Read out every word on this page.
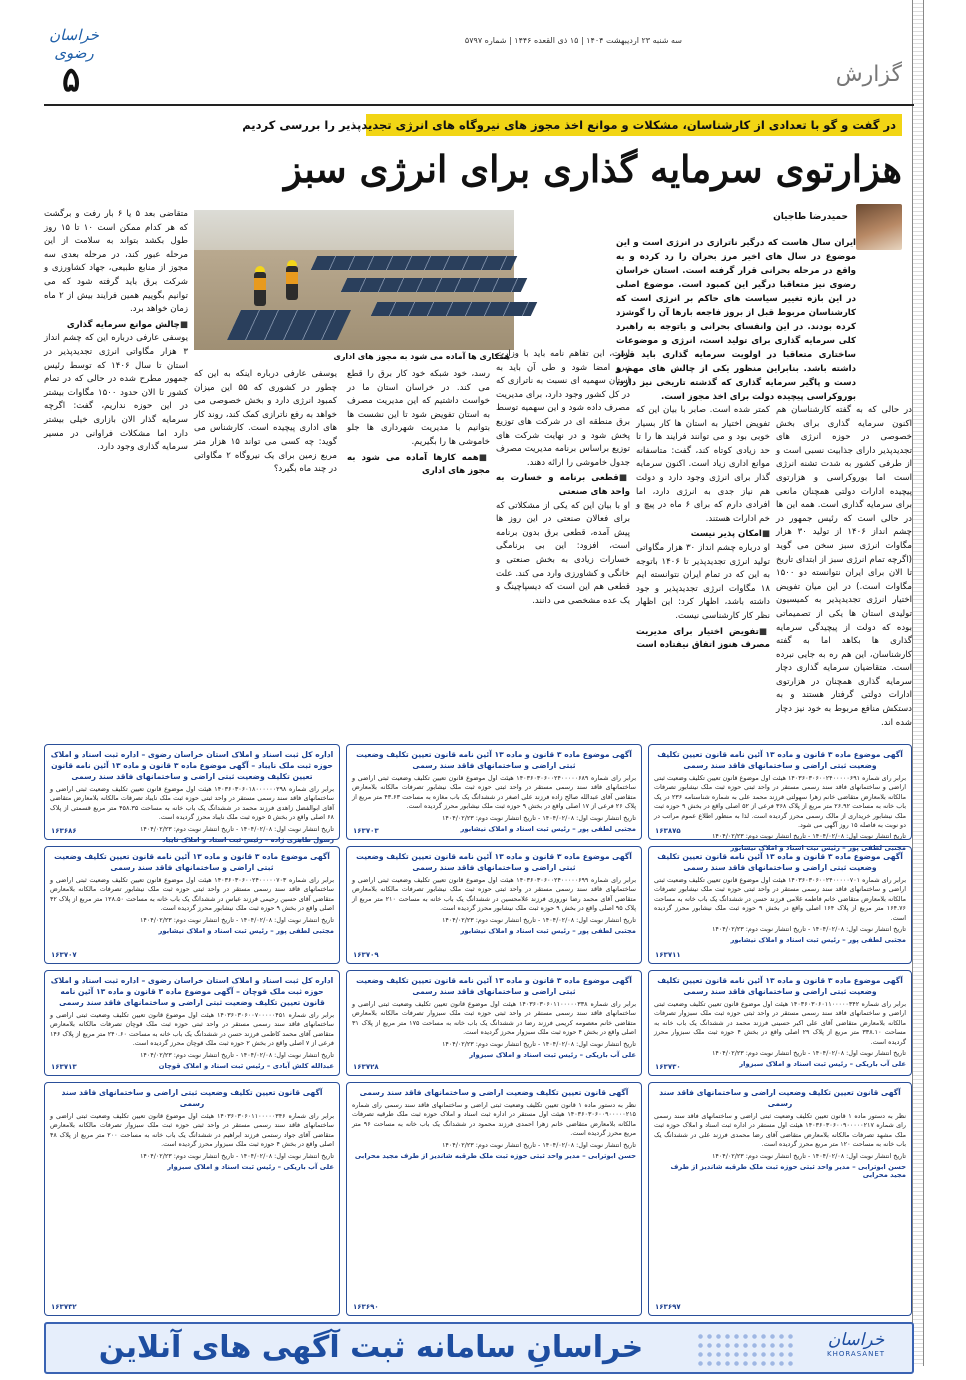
خراسان رضوی
سه شنبه ۲۳ اردیبهشت ۱۴۰۴ | ۱۵ ذی القعده ۱۴۴۶ | شماره ۵۷۹۷
۵	گزارش
در گفت و گو با تعدادی از کارشناسان، مشکلات و موانع اخذ مجوز های نیروگاه های انرژی تجدیدپذیر را بررسی کردیم
هزارتوی سرمایه گذاری برای انرژی سبز
حمیدرضا طاجیان
ایران سال هاست که درگیر ناترازی در انرژی است و این موضوع در سال های اخیر مرز بحران را رد کرده و به واقع در مرحله بحرانی قرار گرفته است. استان خراسان رضوی نیز متعاقبا درگیر این کمبود است. موضوع اصلی در این بازه تغییر سیاست های حاکم بر انرژی است که کارشناسان مربوط قبل از بروز فاجعه بارها آن را گوشزد کرده بودند. در این وانفسای بحرانی و باتوجه به راهبرد کلی سرمایه گذاری برای تولید است، انرژی و موضوعات ساختاری متعاقبا در اولویت سرمایه گذاری باید قرار داشته باشد. بنابراین منظور یکی از چالش های مهم و دست و پاگیر سرمایه گذاری که گذشته تاریخی نیز دارد، بوروکراسی پیچیده دولت برای اخذ مجوز است.
همکاری ها آماده می شود به مجوز های اداری
در حالی که به گفته کارشناسان هم اکنون سرمایه گذاری برای بخش خصوصی در حوزه انرژی های تجدیدپذیر دارای جذابیت نسبی است و از طرفی کشور به شدت تشنه انرژی است اما بوروکراسی و هزارتوی پیچیده ادارات دولتی همچنان مانعی برای سرمایه گذاری است. همه این ها در حالی است که رئیس جمهور در چشم انداز ۱۴۰۶ از تولید ۳۰ هزار مگاوات انرژی سبز سخن می گوید (اگرچه تمام انرژی سبز از ابتدای تاریخ تا الان برای ایران نتوانسته دو ۱۵۰۰ مگاوات است.) در این میان تفویض اختیار انرژی تجدیدپذیر به کمیسیون تولیدی استان ها یکی از تصمیماتی بوده که دولت از پیچیدگی سرمایه گذاری ها بکاهد اما به گفته کارشناسان، این هم ره به جایی نبرده است. متقاضیان سرمایه گذاری دچار سرمایه گذاری همچنان در هزارتوی ادارات دولتی گرفتار هستند و به دستکش منافع مربوط به خود نیز دچار شده اند.
کمتر شده است. صابر با بیان این که تفویض اختیار به استان ها کار بسیار خوبی بود و می توانند فرایند ها را تا حد زیادی کوتاه کند، گفت: متاسفانه موانع اداری زیاد است. اکنون سرمایه گذار برای انرژی وجود دارد و دولت هم نیاز جدی به انرژی دارد، اما افرادی دارم که برای ۶ ماه در پیچ و خم ادارات هستند.
■ امکان پذیر نیست
او درباره چشم انداز ۳۰ هزار مگاواتی تولید انرژی تجدیدپذیر تا ۱۴۰۶ باتوجه به این که در تمام ایران نتوانسته ایم ۱۸ مگاوات انرژی تجدیدپذیر و جود داشته باشد، اظهار کرد: این اظهار نظر کار کارشناسی نیست.
■ تفویض اختیار برای مدیریت مصرف هنوز اتفاق نیفتاده است
است، این تفاهم نامه باید با وزارت نیرو امضا شود و طی آن باید به استان سهمیه ای نسبت به ناترازی که در کل کشور وجود دارد، برای مدیریت مصرف داده شود و این سهمیه توسط برق منطقه ای در شرکت های توزیع پخش شود و در نهایت شرکت های توزیع براساس برنامه مدیریت مصرف جدول خاموشی را ارائه دهند.
■ قطعی برنامه و خسارت به واحد های صنعتی
او با بیان این که یکی از مشکلاتی که برای فعالان صنعتی در این روز ها پیش آمده، قطعی برق بدون برنامه است، افزود: این بی برنامگی خسارات زیادی به بخش صنعتی و خانگی و کشاورزی وارد می کند. علت قطعی هم این است که دیسپاچینگ و یک عده مشخصی می دانند.
رسد، خود شبکه خود کار برق را قطع می کند. در خراسان استان ما در خواست داشتیم که این مدیریت مصرف به استان تفویض شود تا این نشست ها بتوانیم با مدیریت شهرداری ها جلو خاموشی ها را بگیریم.
■ همه کارها آماده می شود به مجوز های اداری
یوسفی عارفی درباره اینکه به این که چطور در کشوری که ۵۵ این میزان کمبود انرژی دارد و بخش خصوصی می خواهد به رفع ناترازی کمک کند، روند کار های اداری پیچیده است. کارشناس می گوید: چه کسی می تواند ۱۵ هزار متر مربع زمین برای یک نیروگاه ۲ مگاواتی در چند ماه بگیرد؟
متقاضی بعد ۵ یا ۶ بار رفت و برگشت که هر کدام ممکن است ۱۰ تا ۱۵ روز طول بکشد بتواند به سلامت از این مرحله عبور کند، در مرحله بعدی سه مجوز از منابع طبیعی، جهاد کشاورزی و شرکت برق باید گرفته شود که می توانیم بگوییم همین فرایند بیش از ۲ ماه زمان خواهد برد.
■ چالش موانع سرمایه گذاری
یوسفی عارفی درباره این که چشم انداز ۳ هزار مگاواتی انرژی تجدیدپذیر در استان تا سال ۱۴۰۶ که توسط رئیس جمهور مطرح شده در حالی که در تمام کشور تا الان حدود ۱۵۰۰ مگاوات بیشتر در این حوزه نداریم، گفت: اگرچه سرمایه گذار الان بازاری خیلی بیشتر دارد اما مشکلات فراوانی در مسیر سرمایه گذاری وجود دارد.
آگهی موضوع ماده ۳ قانون و ماده ۱۳ آئین نامه قانون تعیین تکلیف وضعیت ثبتی اراضی و ساختمانهای فاقد سند رسمی
برابر رای شماره ۱۴۰۳۶۰۳۰۶۰۰۲۴۰۰۰۰۰۶۹۱ هیئت اول موضوع قانون تعیین تکلیف وضعیت ثبتی اراضی و ساختمانهای فاقد سند رسمی مستقر در واحد ثبتی حوزه ثبت ملک نیشابور تصرفات مالکانه بلامعارض متقاضی خانم زهرا سهولتی فرزند محمد علی به شماره شناسنامه ۲۳۶ در یک باب خانه به مساحت ۲۶.۹۲ متر مربع از پلاک ۳۶۸ فرعی از ۵۲ اصلی واقع در بخش ۹ حوزه ثبت ملک نیشابور خریداری از مالک رسمی محرز گردیده است. لذا به منظور اطلاع عموم مراتب در دو نوبت به فاصله ۱۵ روز آگهی می شود.
تاریخ انتشار نوبت اول: ۱۴۰۴/۰۲/۰۸ - تاریخ انتشار نوبت دوم: ۱۴۰۴/۰۲/۲۳
مجتبی لطفی پور – رئیس ثبت اسناد و املاک نیشابور
۱۶۳۸۷۵
آگهی موضوع ماده ۳ قانون و ماده ۱۳ آئین نامه قانون تعیین تکلیف وضعیت ثبتی اراضی و ساختمانهای فاقد سند رسمی
برابر رای شماره ۱۴۰۳۶۰۳۰۶۰۰۲۴۰۰۰۰۰۶۸۹ هیئت اول موضوع قانون تعیین تکلیف وضعیت ثبتی اراضی و ساختمانهای فاقد سند رسمی مستقر در واحد ثبتی حوزه ثبت ملک نیشابور تصرفات مالکانه بلامعارض متقاضی آقای عبدالله صالح زاده فرزند علی اصغر در ششدانگ یک باب مغازه به مساحت ۴۳.۶۳ متر مربع از پلاک ۲۶ فرعی از ۱۷ اصلی واقع در بخش ۹ حوزه ثبت ملک نیشابور محرز گردیده است.
تاریخ انتشار نوبت اول: ۱۴۰۴/۰۲/۰۸ - تاریخ انتشار نوبت دوم: ۱۴۰۴/۰۲/۲۳
مجتبی لطفی پور – رئیس ثبت اسناد و املاک نیشابور
۱۶۳۷۰۳
اداره کل ثبت اسناد و املاک استان خراسان رضوی – اداره ثبت اسناد و املاک حوزه ثبت ملک نایباد – آگهی موضوع ماده ۳ قانون و ماده ۱۳ آئین نامه قانون تعیین تکلیف وضعیت ثبتی اراضی و ساختمانهای فاقد سند رسمی
برابر رای شماره ۱۴۰۳۶۰۳۰۶۰۱۸۰۰۰۰۰۰۲۹۸ هیئت اول موضوع قانون تعیین تکلیف وضعیت ثبتی اراضی و ساختمانهای فاقد سند رسمی مستقر در واحد ثبتی حوزه ثبت ملک نایباد تصرفات مالکانه بلامعارض متقاضی آقای ابوالفضل زاهدی فرزند محمد در ششدانگ یک باب خانه به مساحت ۴۵۸.۳۵ متر مربع قسمتی از پلاک ۶۸ اصلی واقع در بخش ۵ حوزه ثبت ملک نایباد محرز گردیده است.
تاریخ انتشار نوبت اول: ۱۴۰۴/۰۲/۰۸ - تاریخ انتشار نوبت دوم: ۱۴۰۴/۰۲/۲۳
رسول طاهری زاده – رئیس ثبت اسناد و املاک نایباد
۱۶۳۶۸۶
آگهی موضوع ماده ۳ قانون و ماده ۱۳ آئین نامه قانون تعیین تکلیف وضعیت ثبتی اراضی و ساختمانهای فاقد سند رسمی
برابر رای شماره ۱۴۰۳۶۰۳۰۶۰۰۲۴۰۰۰۰۰۷۰۱ هیئت اول موضوع قانون تعیین تکلیف وضعیت ثبتی اراضی و ساختمانهای فاقد سند رسمی مستقر در واحد ثبتی حوزه ثبت ملک نیشابور تصرفات مالکانه بلامعارض متقاضی خانم فاطمه غلامی فرزند حسن در ششدانگ یک باب خانه به مساحت ۱۶۴.۷۶ متر مربع از پلاک ۱۶۴ اصلی واقع در بخش ۹ حوزه ثبت ملک نیشابور محرز گردیده است.
تاریخ انتشار نوبت اول: ۱۴۰۴/۰۲/۰۸ - تاریخ انتشار نوبت دوم: ۱۴۰۴/۰۲/۲۳
مجتبی لطفی پور – رئیس ثبت اسناد و املاک نیشابور
۱۶۳۷۱۱
آگهی موضوع ماده ۳ قانون و ماده ۱۳ آئین نامه قانون تعیین تکلیف وضعیت ثبتی اراضی و ساختمانهای فاقد سند رسمی
برابر رای شماره ۱۴۰۳۶۰۳۰۶۰۰۲۴۰۰۰۰۰۶۹۹ هیئت اول موضوع قانون تعیین تکلیف وضعیت ثبتی اراضی و ساختمانهای فاقد سند رسمی مستقر در واحد ثبتی حوزه ثبت ملک نیشابور تصرفات مالکانه بلامعارض متقاضی آقای محمد رضا نوروزی فرزند غلامحسین در ششدانگ یک باب خانه به مساحت ۲۱۰ متر مربع از پلاک ۹۵ اصلی واقع در بخش ۹ حوزه ثبت ملک نیشابور محرز گردیده است.
تاریخ انتشار نوبت اول: ۱۴۰۴/۰۲/۰۸ - تاریخ انتشار نوبت دوم: ۱۴۰۴/۰۲/۲۳
مجتبی لطفی پور – رئیس ثبت اسناد و املاک نیشابور
۱۶۳۷۰۹
آگهی موضوع ماده ۳ قانون و ماده ۱۳ آئین نامه قانون تعیین تکلیف وضعیت ثبتی اراضی و ساختمانهای فاقد سند رسمی
برابر رای شماره ۱۴۰۳۶۰۳۰۶۰۰۲۴۰۰۰۰۰۷۰۳ هیئت اول موضوع قانون تعیین تکلیف وضعیت ثبتی اراضی و ساختمانهای فاقد سند رسمی مستقر در واحد ثبتی حوزه ثبت ملک نیشابور تصرفات مالکانه بلامعارض متقاضی آقای حسین رحیمی فرزند عباس در ششدانگ یک باب خانه به مساحت ۱۲۸.۵۰ متر مربع از پلاک ۴۲ اصلی واقع در بخش ۹ حوزه ثبت ملک نیشابور محرز گردیده است.
تاریخ انتشار نوبت اول: ۱۴۰۴/۰۲/۰۸ - تاریخ انتشار نوبت دوم: ۱۴۰۴/۰۲/۲۳
مجتبی لطفی پور – رئیس ثبت اسناد و املاک نیشابور
۱۶۳۷۰۷
آگهی موضوع ماده ۳ قانون و ماده ۱۳ آئین نامه قانون تعیین تکلیف وضعیت ثبتی اراضی و ساختمانهای فاقد سند رسمی
برابر رای شماره ۱۴۰۳۶۰۳۰۶۰۱۱۰۰۰۰۰۳۴۲ هیئت اول موضوع قانون تعیین تکلیف وضعیت ثبتی اراضی و ساختمانهای فاقد سند رسمی مستقر در واحد ثبتی حوزه ثبت ملک سبزوار تصرفات مالکانه بلامعارض متقاضی آقای علی اکبر حسینی فرزند محمد در ششدانگ یک باب خانه به مساحت ۳۳۸.۱۰ متر مربع از پلاک ۲۹ اصلی واقع در بخش ۴ حوزه ثبت ملک سبزوار محرز گردیده است.
تاریخ انتشار نوبت اول: ۱۴۰۴/۰۲/۰۸ - تاریخ انتشار نوبت دوم: ۱۴۰۴/۰۲/۲۳
علی آب باریکی – رئیس ثبت اسناد و املاک سبزوار
۱۶۳۷۳۰
آگهی موضوع ماده ۳ قانون و ماده ۱۳ آئین نامه قانون تعیین تکلیف وضعیت ثبتی اراضی و ساختمانهای فاقد سند رسمی
برابر رای شماره ۱۴۰۳۶۰۳۰۶۰۱۱۰۰۰۰۰۳۳۸ هیئت اول موضوع قانون تعیین تکلیف وضعیت ثبتی اراضی و ساختمانهای فاقد سند رسمی مستقر در واحد ثبتی حوزه ثبت ملک سبزوار تصرفات مالکانه بلامعارض متقاضی خانم معصومه کریمی فرزند رضا در ششدانگ یک باب خانه به مساحت ۱۷۵ متر مربع از پلاک ۳۱ اصلی واقع در بخش ۴ حوزه ثبت ملک سبزوار محرز گردیده است.
تاریخ انتشار نوبت اول: ۱۴۰۴/۰۲/۰۸ - تاریخ انتشار نوبت دوم: ۱۴۰۴/۰۲/۲۳
علی آب باریکی – رئیس ثبت اسناد و املاک سبزوار
۱۶۳۷۲۸
اداره کل ثبت اسناد و املاک استان خراسان رضوی – اداره ثبت اسناد و املاک حوزه ثبت ملک قوچان – آگهی موضوع ماده ۳ قانون و ماده ۱۳ آئین نامه قانون تعیین تکلیف وضعیت ثبتی اراضی و ساختمانهای فاقد سند رسمی
برابر رای شماره ۱۴۰۳۶۰۳۰۶۰۰۷۰۰۰۰۰۴۵۱ هیئت اول موضوع قانون تعیین تکلیف وضعیت ثبتی اراضی و ساختمانهای فاقد سند رسمی مستقر در واحد ثبتی حوزه ثبت ملک قوچان تصرفات مالکانه بلامعارض متقاضی آقای محمد کاظمی فرزند حسن در ششدانگ یک باب خانه به مساحت ۲۴۰.۶۰ متر مربع از پلاک ۱۴۶ فرعی از ۷ اصلی واقع در بخش ۲ حوزه ثبت ملک قوچان محرز گردیده است.
تاریخ انتشار نوبت اول: ۱۴۰۴/۰۲/۰۸ - تاریخ انتشار نوبت دوم: ۱۴۰۴/۰۲/۲۳
عبدالله کلش آبادی – رئیس ثبت اسناد و املاک قوچان
۱۶۳۷۱۳
آگهی قانون تعیین تکلیف وضعیت اراضی و ساختمانهای فاقد سند رسمی
نظر به دستور ماده ۱ قانون تعیین تکلیف وضعیت ثبتی اراضی و ساختمانهای فاقد سند رسمی رای شماره ۱۴۰۳۶۰۳۰۶۰۰۹۰۰۰۰۰۲۱۷ هیئت اول مستقر در اداره ثبت اسناد و املاک حوزه ثبت ملک مشهد تصرفات مالکانه بلامعارض متقاضی آقای رضا محمدی فرزند علی در ششدانگ یک باب خانه به مساحت ۱۲۰ متر مربع محرز گردیده است.
تاریخ انتشار نوبت اول: ۱۴۰۴/۰۲/۰۸ - تاریخ انتشار نوبت دوم: ۱۴۰۴/۰۲/۲۳
حسن ابوترابی – مدیر واحد ثبتی حوزه ثبت ملک طرقبه شاندیز از طرف مجید محرابی
۱۶۳۶۹۷
آگهی قانون تعیین تکلیف وضعیت اراضی و ساختمانهای فاقد سند رسمی
نظر به دستور ماده ۱ قانون تعیین تکلیف وضعیت ثبتی اراضی و ساختمانهای فاقد سند رسمی رای شماره ۱۴۰۳۶۰۳۰۶۰۰۹۰۰۰۰۰۲۱۵ هیئت اول مستقر در اداره ثبت اسناد و املاک حوزه ثبت ملک طرقبه تصرفات مالکانه بلامعارض متقاضی خانم زهرا احمدی فرزند محمود در ششدانگ یک باب خانه به مساحت ۹۶ متر مربع محرز گردیده است.
تاریخ انتشار نوبت اول: ۱۴۰۴/۰۲/۰۸ - تاریخ انتشار نوبت دوم: ۱۴۰۴/۰۲/۲۳
حسن ابوترابی – مدیر واحد ثبتی حوزه ثبت ملک طرقبه شاندیز از طرف مجید محرابی
۱۶۳۶۹۰
آگهی قانون تعیین تکلیف وضعیت ثبتی اراضی و ساختمانهای فاقد سند رسمی
برابر رای شماره ۱۴۰۳۶۰۳۰۶۰۱۱۰۰۰۰۰۳۴۶ هیئت اول موضوع قانون تعیین تکلیف وضعیت ثبتی اراضی و ساختمانهای فاقد سند رسمی مستقر در واحد ثبتی حوزه ثبت ملک سبزوار تصرفات مالکانه بلامعارض متقاضی آقای جواد رستمی فرزند ابراهیم در ششدانگ یک باب خانه به مساحت ۲۰۰ متر مربع از پلاک ۴۸ اصلی واقع در بخش ۴ حوزه ثبت ملک سبزوار محرز گردیده است.
تاریخ انتشار نوبت اول: ۱۴۰۴/۰۲/۰۸ - تاریخ انتشار نوبت دوم: ۱۴۰۴/۰۲/۲۳
علی آب باریکی – رئیس ثبت اسناد و املاک سبزوار
۱۶۳۷۳۲
خراسانِ سامانه ثبت آگهی های آنلاین	خراسان
KHORASANET
